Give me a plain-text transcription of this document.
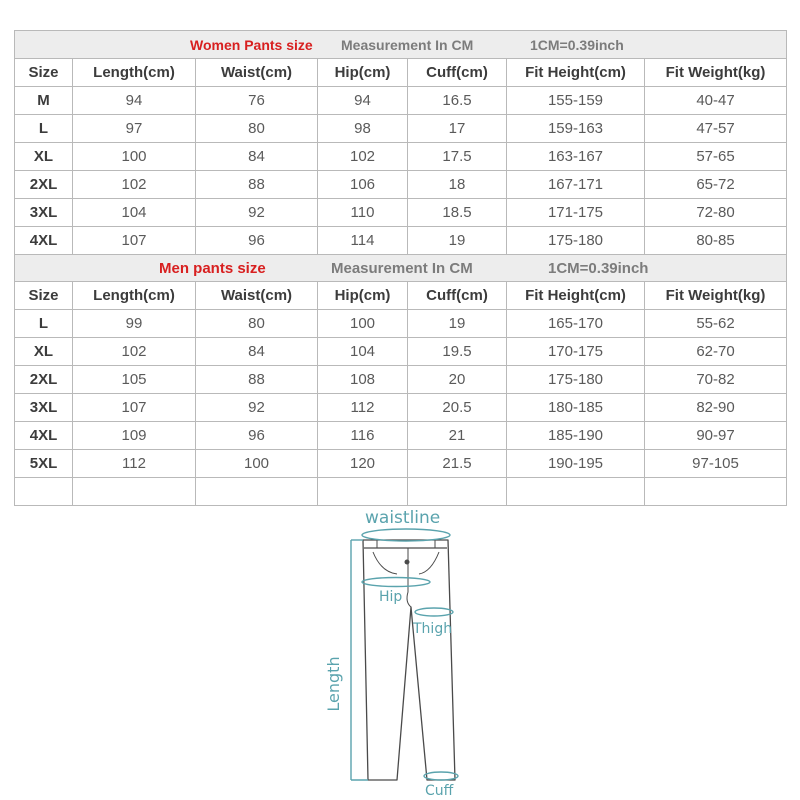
Women Pants size Measurement In CM 1CM=0.39inch						

Size	Length(cm)	Waist(cm)	Hip(cm)	Cuff(cm)	Fit Height(cm)	Fit Weight(kg)
M	94	76	94	16.5	155-159	40-47
L	97	80	98	17	159-163	47-57
XL	100	84	102	17.5	163-167	57-65
2XL	102	88	106	18	167-171	65-72
3XL	104	92	110	18.5	171-175	72-80
4XL	107	96	114	19	175-180	80-85

Men pants size Measurement In CM 1CM=0.39inch						

Size	Length(cm)	Waist(cm)	Hip(cm)	Cuff(cm)	Fit Height(cm)	Fit Weight(kg)
L	99	80	100	19	165-170	55-62
XL	102	84	104	19.5	170-175	62-70
2XL	105	88	108	20	175-180	70-82
3XL	107	92	112	20.5	180-185	82-90
4XL	109	96	116	21	185-190	90-97
5XL	112	100	120	21.5	190-195	97-105

waistline
Hip
Thigh
Cuff
Length
